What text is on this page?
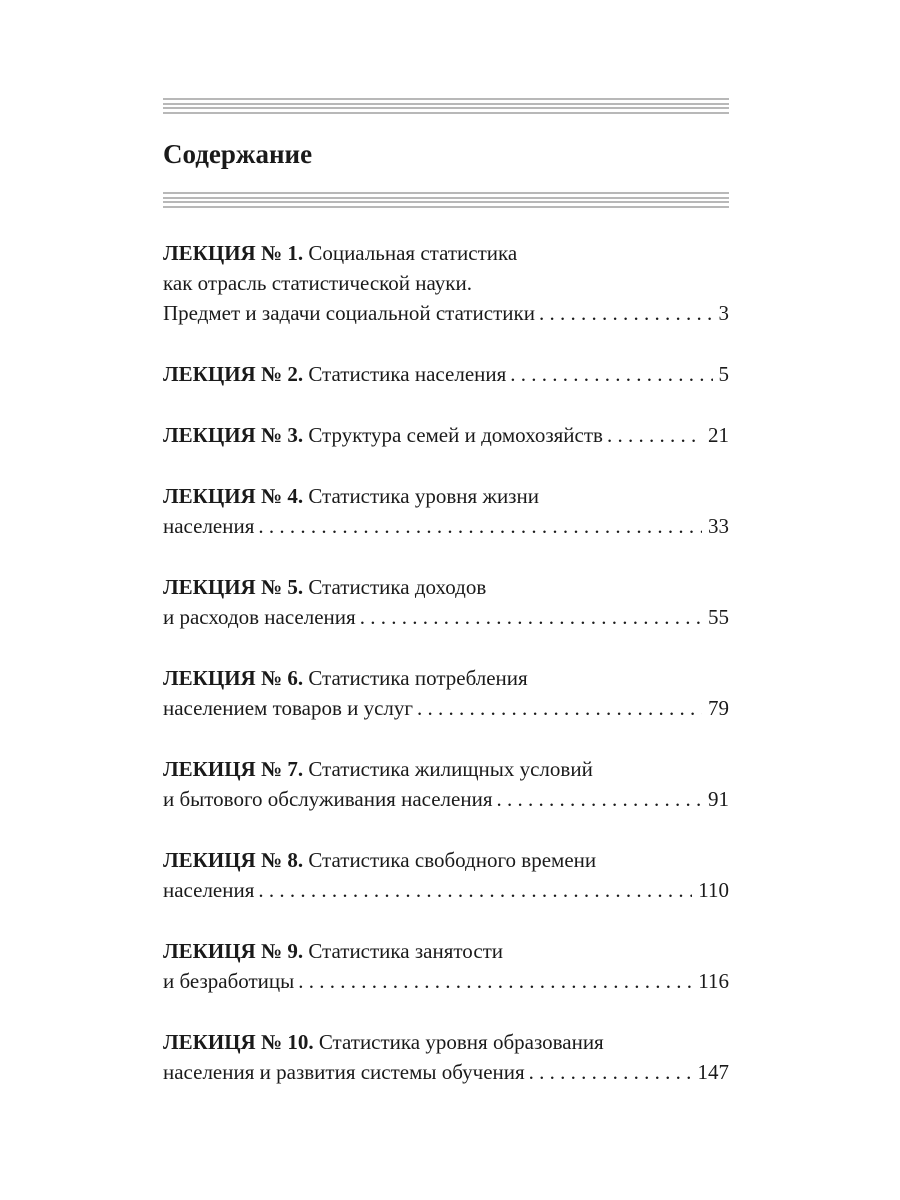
Содержание
ЛЕКЦИЯ № 1. Социальная статистика
как отрасль статистической науки.
Предмет и задачи социальной статистики . . .	3
ЛЕКЦИЯ № 2. Статистика населения . . .	5
ЛЕКЦИЯ № 3. Структура семей и домохозяйств . . .	21
ЛЕКЦИЯ № 4. Статистика уровня жизни
населения . . .	33
ЛЕКЦИЯ № 5. Статистика доходов
и расходов населения . . .	55
ЛЕКЦИЯ № 6. Статистика потребления
населением товаров и услуг . . .	79
ЛЕКИЦЯ № 7. Статистика жилищных условий
и бытового обслуживания населения . . .	91
ЛЕКИЦЯ № 8. Статистика свободного времени
населения . . .	110
ЛЕКИЦЯ № 9. Статистика занятости
и безработицы . . .	116
ЛЕКИЦЯ № 10. Статистика уровня образования
населения и развития системы обучения . . .	147
